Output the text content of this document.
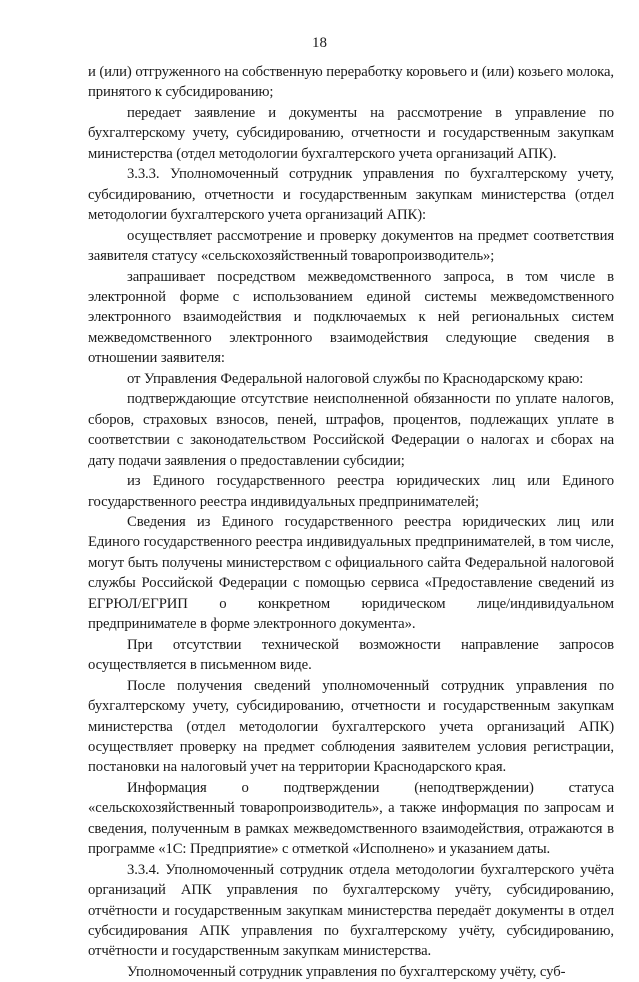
18

и (или) отгруженного на собственную переработку коровьего и (или) козьего молока, принятого к субсидированию;

передает заявление и документы на рассмотрение в управление по бухгалтерскому учету, субсидированию, отчетности и государственным закупкам министерства (отдел методологии бухгалтерского учета организаций АПК).

3.3.3. Уполномоченный сотрудник управления по бухгалтерскому учету, субсидированию, отчетности и государственным закупкам министерства (отдел методологии бухгалтерского учета организаций АПК):

осуществляет рассмотрение и проверку документов на предмет соответствия заявителя статусу «сельскохозяйственный товаропроизводитель»;

запрашивает посредством межведомственного запроса, в том числе в электронной форме с использованием единой системы межведомственного электронного взаимодействия и подключаемых к ней региональных систем межведомственного электронного взаимодействия следующие сведения в отношении заявителя:

от Управления Федеральной налоговой службы по Краснодарскому краю:

подтверждающие отсутствие неисполненной обязанности по уплате налогов, сборов, страховых взносов, пеней, штрафов, процентов, подлежащих уплате в соответствии с законодательством Российской Федерации о налогах и сборах на дату подачи заявления о предоставлении субсидии;

из Единого государственного реестра юридических лиц или Единого государственного реестра индивидуальных предпринимателей;

Сведения из Единого государственного реестра юридических лиц или Единого государственного реестра индивидуальных предпринимателей, в том числе, могут быть получены министерством с официального сайта Федеральной налоговой службы Российской Федерации с помощью сервиса «Предоставление сведений из ЕГРЮЛ/ЕГРИП о конкретном юридическом лице/индивидуальном предпринимателе в форме электронного документа».

При отсутствии технической возможности направление запросов осуществляется в письменном виде.

После получения сведений уполномоченный сотрудник управления по бухгалтерскому учету, субсидированию, отчетности и государственным закупкам министерства (отдел методологии бухгалтерского учета организаций АПК) осуществляет проверку на предмет соблюдения заявителем условия регистрации, постановки на налоговый учет на территории Краснодарского края.

Информация о подтверждении (неподтверждении) статуса «сельскохозяйственный товаропроизводитель», а также информация по запросам и сведения, полученным в рамках межведомственного взаимодействия, отражаются в программе «1С: Предприятие» с отметкой «Исполнено» и указанием даты.

3.3.4. Уполномоченный сотрудник отдела методологии бухгалтерского учёта организаций АПК управления по бухгалтерскому учёту, субсидированию, отчётности и государственным закупкам министерства передаёт документы в отдел субсидирования АПК управления по бухгалтерскому учёту, субсидированию, отчётности и государственным закупкам министерства.

Уполномоченный сотрудник управления по бухгалтерскому учёту, суб-
